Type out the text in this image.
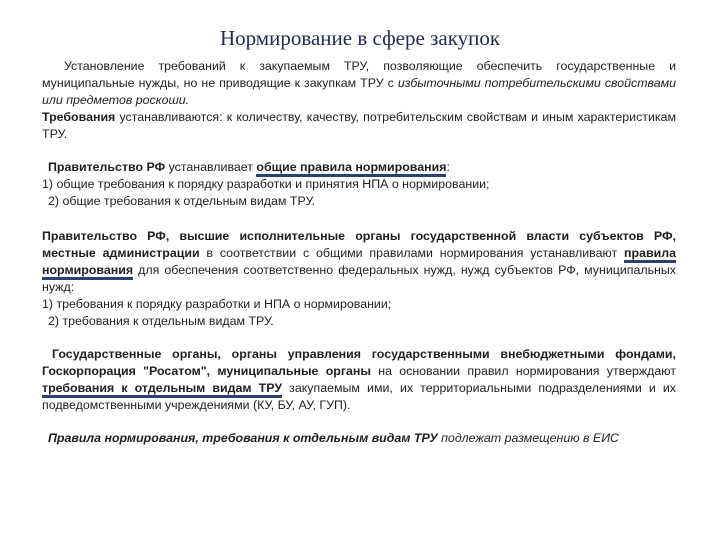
Нормирование в сфере закупок

Установление требований к закупаемым ТРУ, позволяющие обеспечить государственные и муниципальные нужды, но не приводящие к закупкам ТРУ с избыточными потребительскими свойствами или предметов роскоши.

Требования устанавливаются: к количеству, качеству, потребительским свойствам и иным характеристикам ТРУ.

Правительство РФ устанавливает общие правила нормирования:

1) общие требования к порядку разработки и принятия НПА о нормировании;

2) общие требования к отдельным видам ТРУ.

Правительство РФ, высшие исполнительные органы государственной власти субъектов РФ, местные администрации в соответствии с общими правилами нормирования устанавливают правила нормирования для обеспечения соответственно федеральных нужд, нужд субъектов РФ, муниципальных нужд:

1) требования к порядку разработки и НПА о нормировании;

2) требования к отдельным видам ТРУ.

Государственные органы, органы управления государственными внебюджетными фондами, Госкорпорация "Росатом", муниципальные органы на основании правил нормирования утверждают требования к отдельным видам ТРУ закупаемым ими, их территориальными подразделениями и их подведомственными учреждениями (КУ, БУ, АУ, ГУП).

Правила нормирования, требования к отдельным видам ТРУ подлежат размещению в ЕИС
